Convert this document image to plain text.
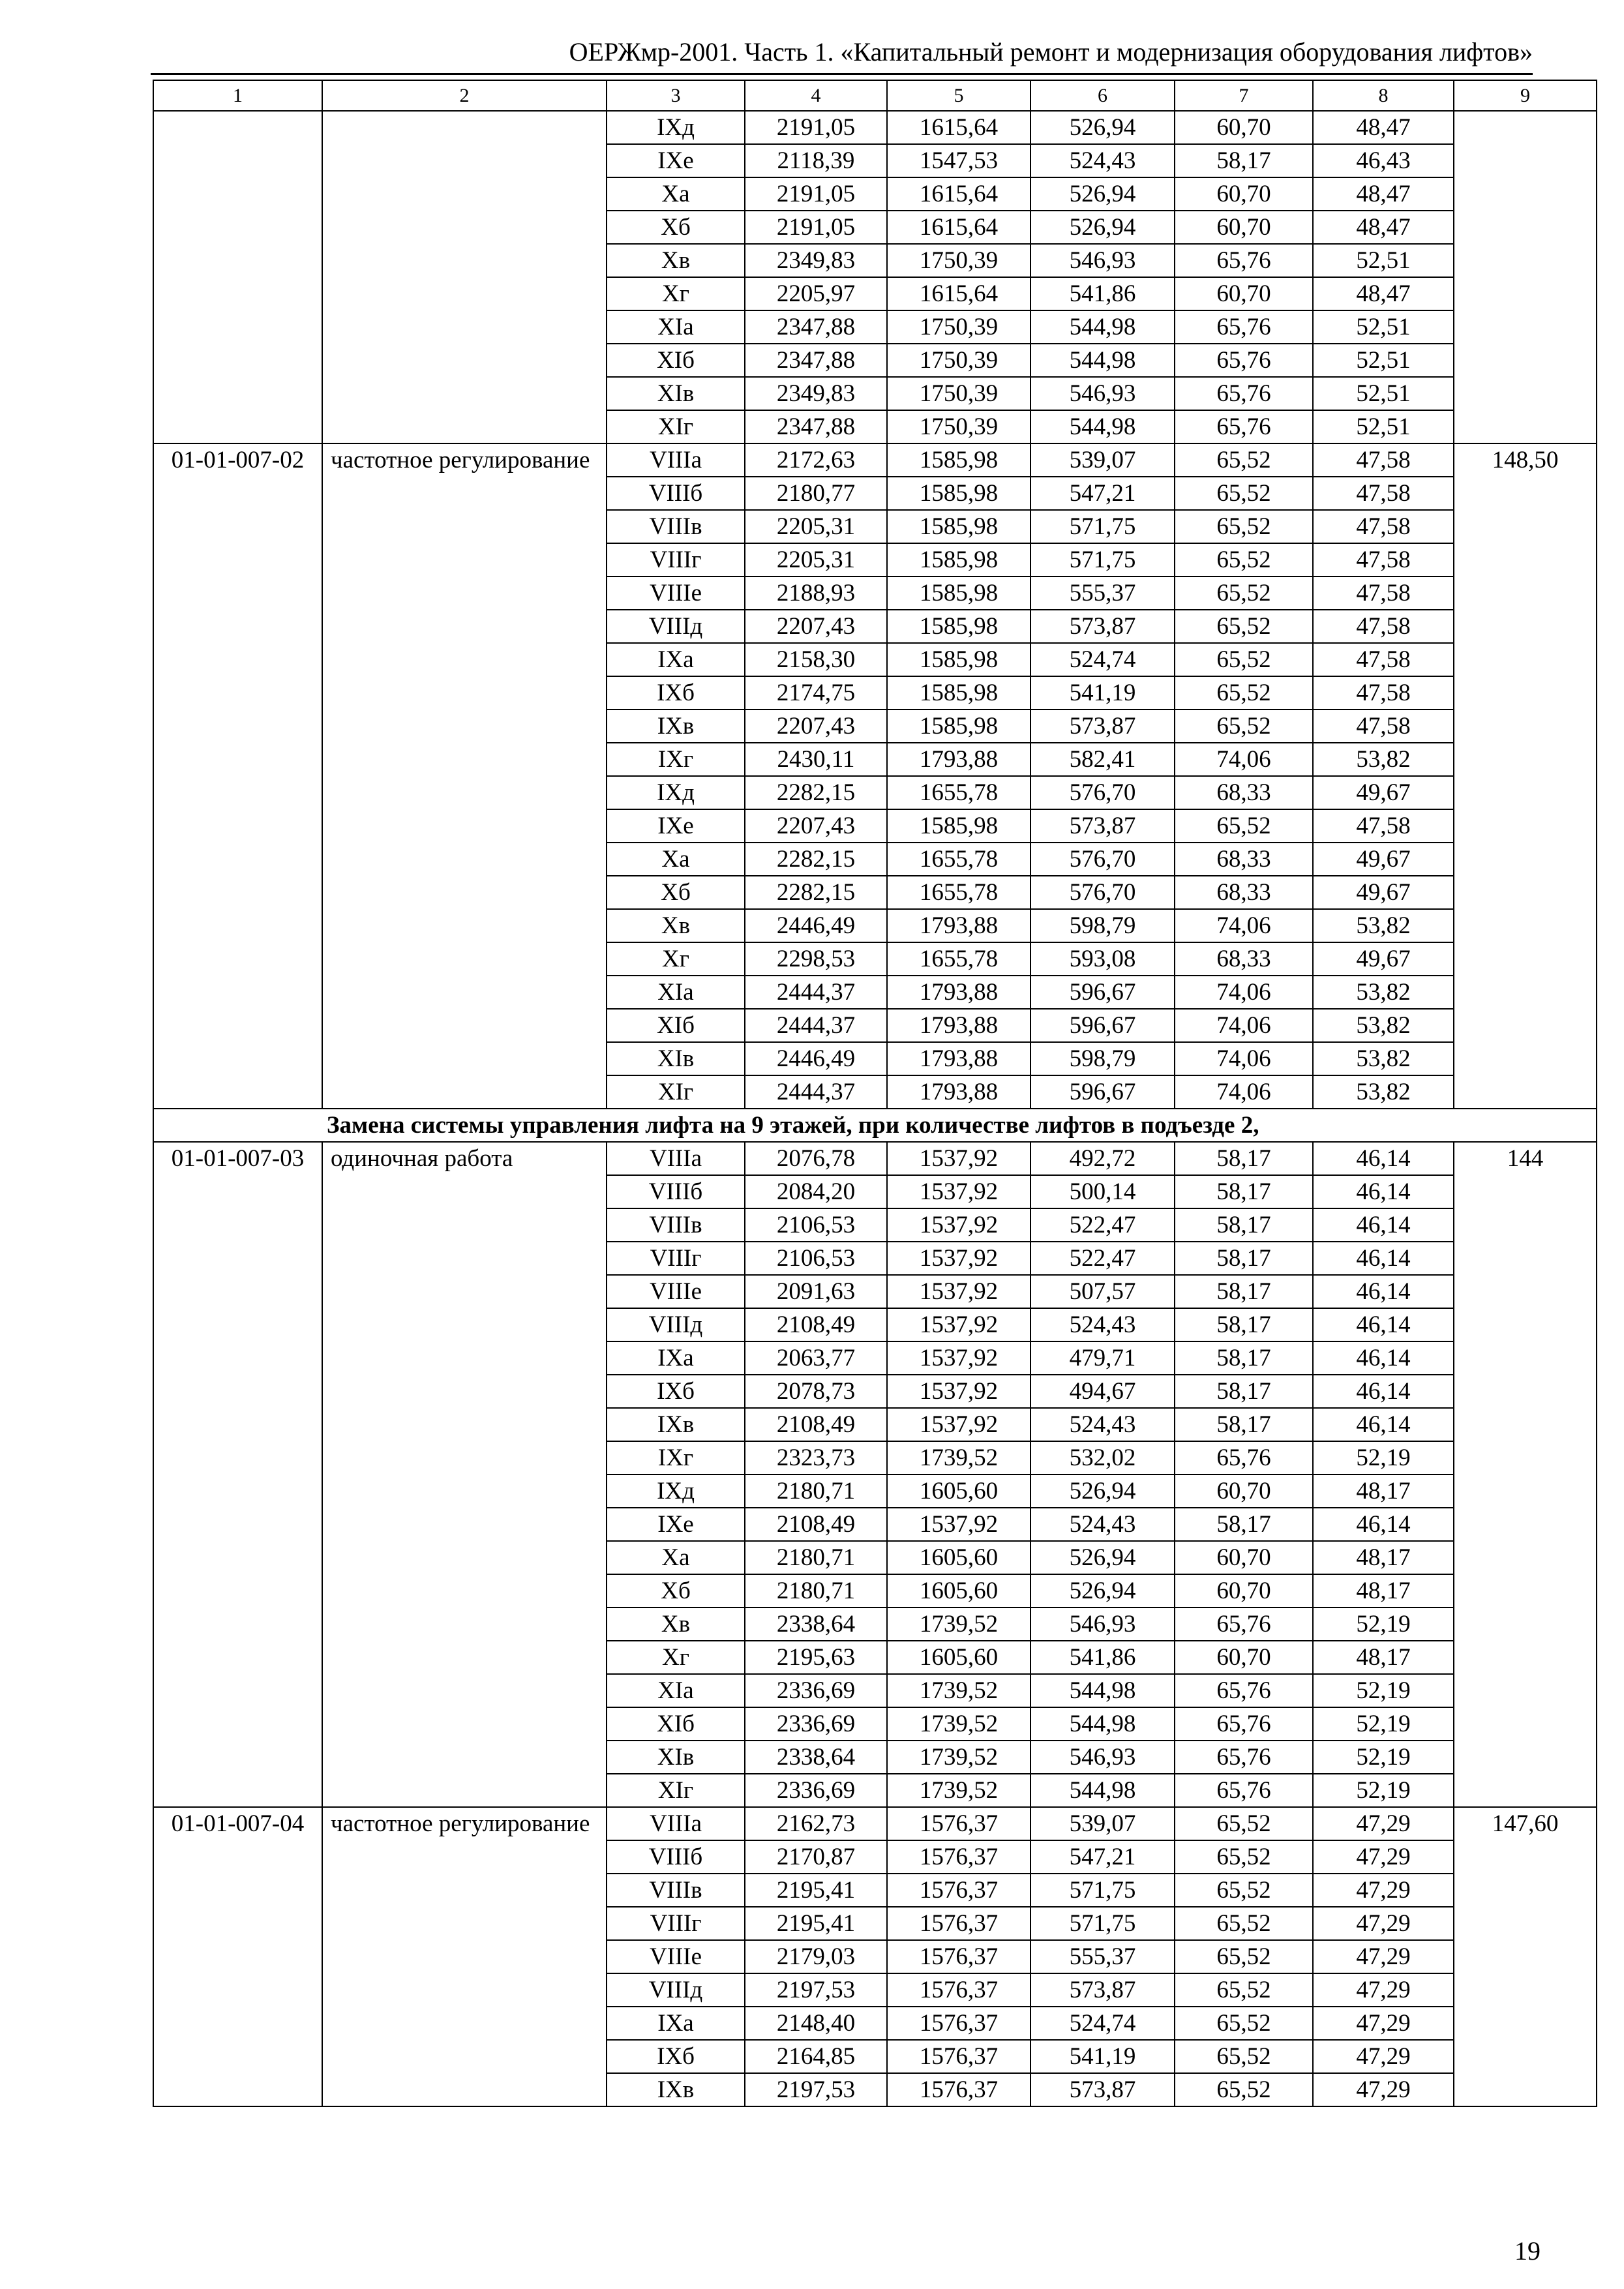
ОЕРЖмр-2001. Часть 1. «Капитальный ремонт и модернизация оборудования лифтов»
1	2	3	4	5	6	7	8	9
		IXд	2191,05	1615,64	526,94	60,70	48,47	
		IXe	2118,39	1547,53	524,43	58,17	46,43	
		Xa	2191,05	1615,64	526,94	60,70	48,47	
		Xб	2191,05	1615,64	526,94	60,70	48,47	
		Xв	2349,83	1750,39	546,93	65,76	52,51	
		Xг	2205,97	1615,64	541,86	60,70	48,47	
		XIa	2347,88	1750,39	544,98	65,76	52,51	
		XIб	2347,88	1750,39	544,98	65,76	52,51	
		XIв	2349,83	1750,39	546,93	65,76	52,51	
		XIг	2347,88	1750,39	544,98	65,76	52,51	
01-01-007-02	частотное регулирование	VIIIa	2172,63	1585,98	539,07	65,52	47,58	148,50
		VIIIб	2180,77	1585,98	547,21	65,52	47,58	
		VIIIв	2205,31	1585,98	571,75	65,52	47,58	
		VIIIг	2205,31	1585,98	571,75	65,52	47,58	
		VIIIe	2188,93	1585,98	555,37	65,52	47,58	
		VIIIд	2207,43	1585,98	573,87	65,52	47,58	
		IXa	2158,30	1585,98	524,74	65,52	47,58	
		IXб	2174,75	1585,98	541,19	65,52	47,58	
		IXв	2207,43	1585,98	573,87	65,52	47,58	
		IXг	2430,11	1793,88	582,41	74,06	53,82	
		IXд	2282,15	1655,78	576,70	68,33	49,67	
		IXe	2207,43	1585,98	573,87	65,52	47,58	
		Xa	2282,15	1655,78	576,70	68,33	49,67	
		Xб	2282,15	1655,78	576,70	68,33	49,67	
		Xв	2446,49	1793,88	598,79	74,06	53,82	
		Xг	2298,53	1655,78	593,08	68,33	49,67	
		XIa	2444,37	1793,88	596,67	74,06	53,82	
		XIб	2444,37	1793,88	596,67	74,06	53,82	
		XIв	2446,49	1793,88	598,79	74,06	53,82	
		XIг	2444,37	1793,88	596,67	74,06	53,82	
Замена системы управления лифта на 9 этажей, при количестве лифтов в подъезде 2,								
01-01-007-03	одиночная работа	VIIIa	2076,78	1537,92	492,72	58,17	46,14	144
		VIIIб	2084,20	1537,92	500,14	58,17	46,14	
		VIIIв	2106,53	1537,92	522,47	58,17	46,14	
		VIIIг	2106,53	1537,92	522,47	58,17	46,14	
		VIIIe	2091,63	1537,92	507,57	58,17	46,14	
		VIIIд	2108,49	1537,92	524,43	58,17	46,14	
		IXa	2063,77	1537,92	479,71	58,17	46,14	
		IXб	2078,73	1537,92	494,67	58,17	46,14	
		IXв	2108,49	1537,92	524,43	58,17	46,14	
		IXг	2323,73	1739,52	532,02	65,76	52,19	
		IXд	2180,71	1605,60	526,94	60,70	48,17	
		IXe	2108,49	1537,92	524,43	58,17	46,14	
		Xa	2180,71	1605,60	526,94	60,70	48,17	
		Xб	2180,71	1605,60	526,94	60,70	48,17	
		Xв	2338,64	1739,52	546,93	65,76	52,19	
		Xг	2195,63	1605,60	541,86	60,70	48,17	
		XIa	2336,69	1739,52	544,98	65,76	52,19	
		XIб	2336,69	1739,52	544,98	65,76	52,19	
		XIв	2338,64	1739,52	546,93	65,76	52,19	
		XIг	2336,69	1739,52	544,98	65,76	52,19	
01-01-007-04	частотное регулирование	VIIIa	2162,73	1576,37	539,07	65,52	47,29	147,60
		VIIIб	2170,87	1576,37	547,21	65,52	47,29	
		VIIIв	2195,41	1576,37	571,75	65,52	47,29	
		VIIIг	2195,41	1576,37	571,75	65,52	47,29	
		VIIIe	2179,03	1576,37	555,37	65,52	47,29	
		VIIIд	2197,53	1576,37	573,87	65,52	47,29	
		IXa	2148,40	1576,37	524,74	65,52	47,29	
		IXб	2164,85	1576,37	541,19	65,52	47,29	
		IXв	2197,53	1576,37	573,87	65,52	47,29	
19
